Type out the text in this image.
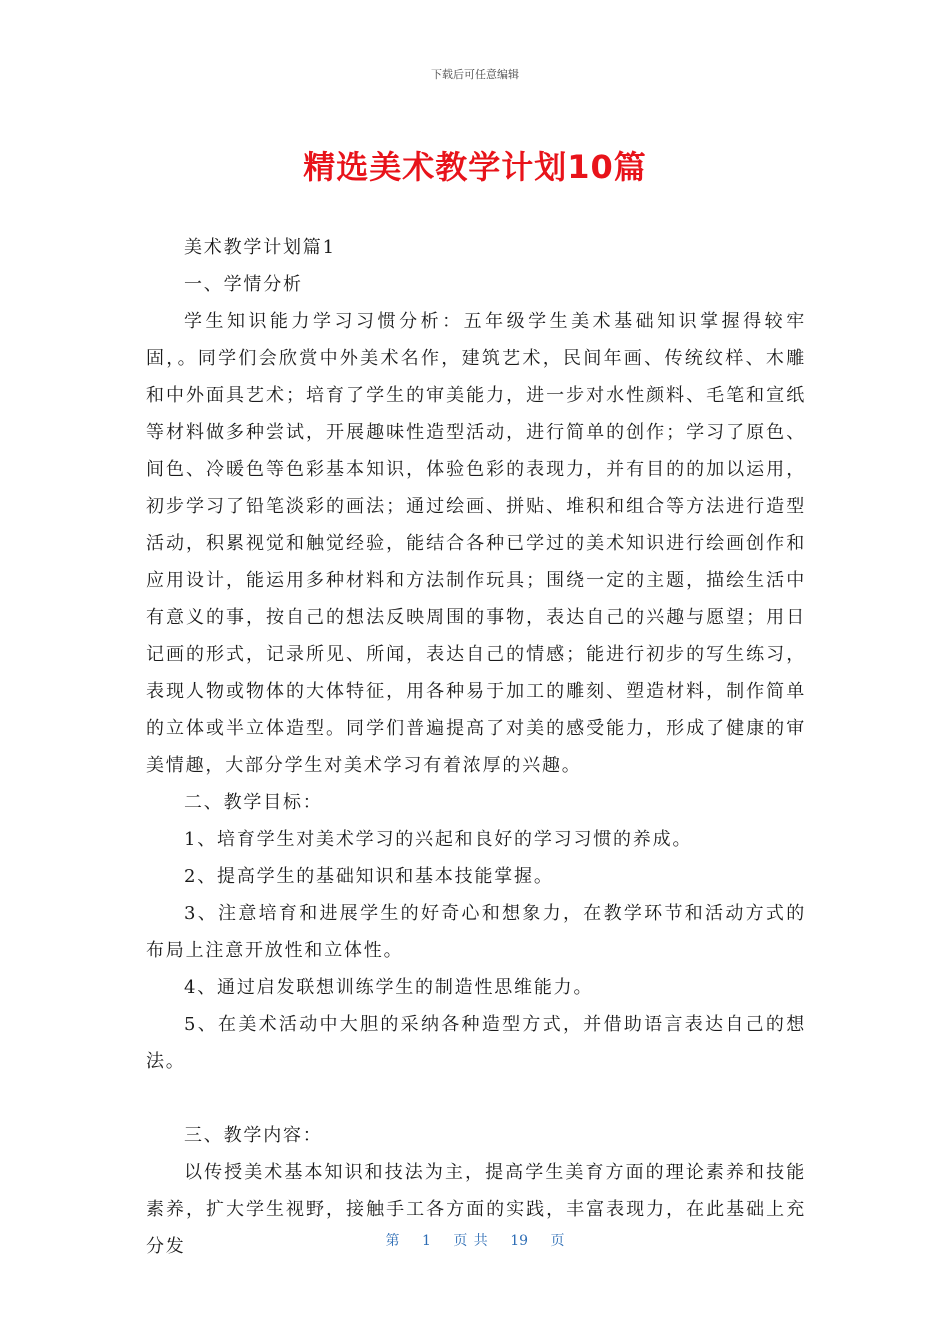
下载后可任意编辑
精选美术教学计划10篇

美术教学计划篇1

一、学情分析

学生知识能力学习习惯分析：五年级学生美术基础知识掌握得较牢固，。同学们会欣赏中外美术名作，建筑艺术，民间年画、传统纹样、木雕和中外面具艺术；培育了学生的审美能力，进一步对水性颜料、毛笔和宣纸等材料做多种尝试，开展趣味性造型活动，进行简单的创作；学习了原色、间色、冷暖色等色彩基本知识，体验色彩的表现力，并有目的的加以运用，初步学习了铅笔淡彩的画法；通过绘画、拼贴、堆积和组合等方法进行造型活动，积累视觉和触觉经验，能结合各种已学过的美术知识进行绘画创作和应用设计，能运用多种材料和方法制作玩具；围绕一定的主题，描绘生活中有意义的事，按自己的想法反映周围的事物，表达自己的兴趣与愿望；用日记画的形式，记录所见、所闻，表达自己的情感；能进行初步的写生练习，表现人物或物体的大体特征，用各种易于加工的雕刻、塑造材料，制作简单的立体或半立体造型。同学们普遍提高了对美的感受能力，形成了健康的审美情趣，大部分学生对美术学习有着浓厚的兴趣。

二、教学目标：

1、培育学生对美术学习的兴起和良好的学习习惯的养成。

2、提高学生的基础知识和基本技能掌握。

3、注意培育和进展学生的好奇心和想象力，在教学环节和活动方式的布局上注意开放性和立体性。

4、通过启发联想训练学生的制造性思维能力。

5、在美术活动中大胆的采纳各种造型方式，并借助语言表达自己的想法。

三、教学内容：

以传授美术基本知识和技法为主，提高学生美育方面的理论素养和技能素养，扩大学生视野，接触手工各方面的实践，丰富表现力，在此基础上充分发	第 1 页 共 19 页
